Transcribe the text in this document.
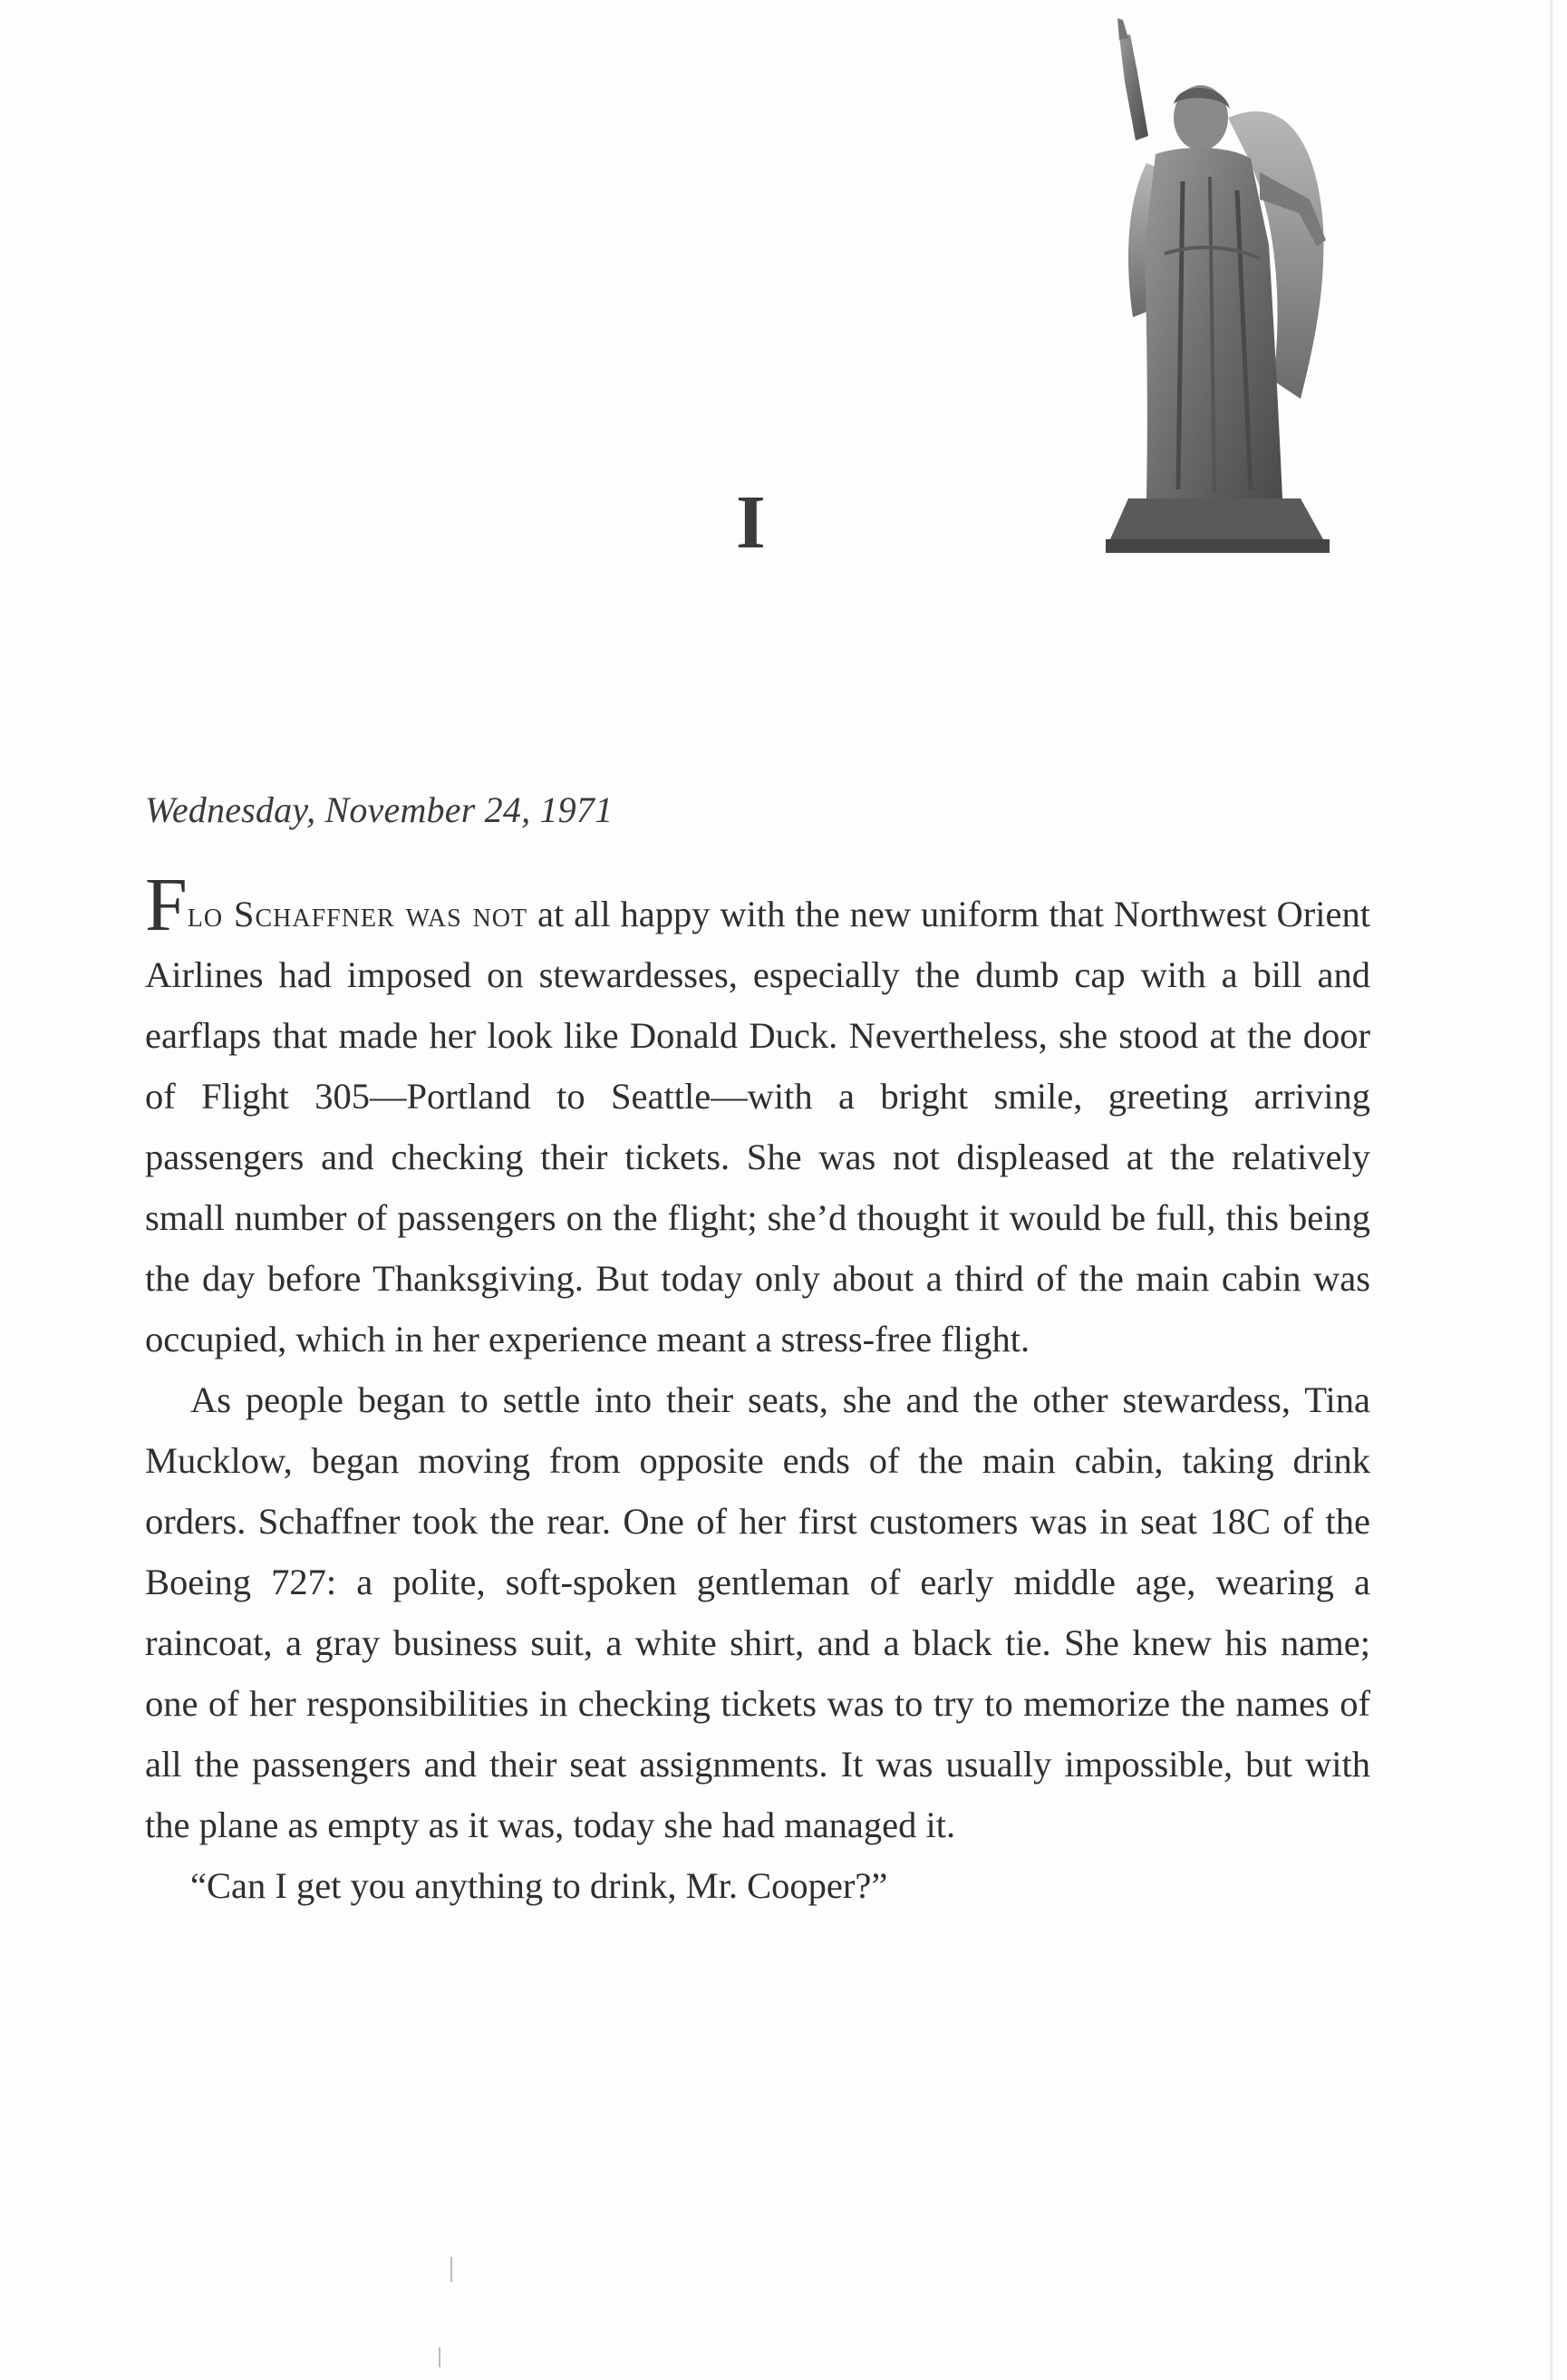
I

Wednesday, November 24, 1971

Flo Schaffner was not at all happy with the new uniform that Northwest Orient Airlines had imposed on stewardesses, especially the dumb cap with a bill and earflaps that made her look like Donald Duck. Nevertheless, she stood at the door of Flight 305—Portland to Seattle—with a bright smile, greeting arriving passengers and checking their tickets. She was not displeased at the relatively small number of passengers on the flight; she’d thought it would be full, this being the day before Thanksgiving. But today only about a third of the main cabin was occupied, which in her experience meant a stress-free flight.

As people began to settle into their seats, she and the other stewardess, Tina Mucklow, began moving from opposite ends of the main cabin, taking drink orders. Schaffner took the rear. One of her first customers was in seat 18C of the Boeing 727: a polite, soft-spoken gentleman of early middle age, wearing a raincoat, a gray business suit, a white shirt, and a black tie. She knew his name; one of her responsibilities in checking tickets was to try to memorize the names of all the passengers and their seat assignments. It was usually impossible, but with the plane as empty as it was, today she had managed it.

“Can I get you anything to drink, Mr. Cooper?”
